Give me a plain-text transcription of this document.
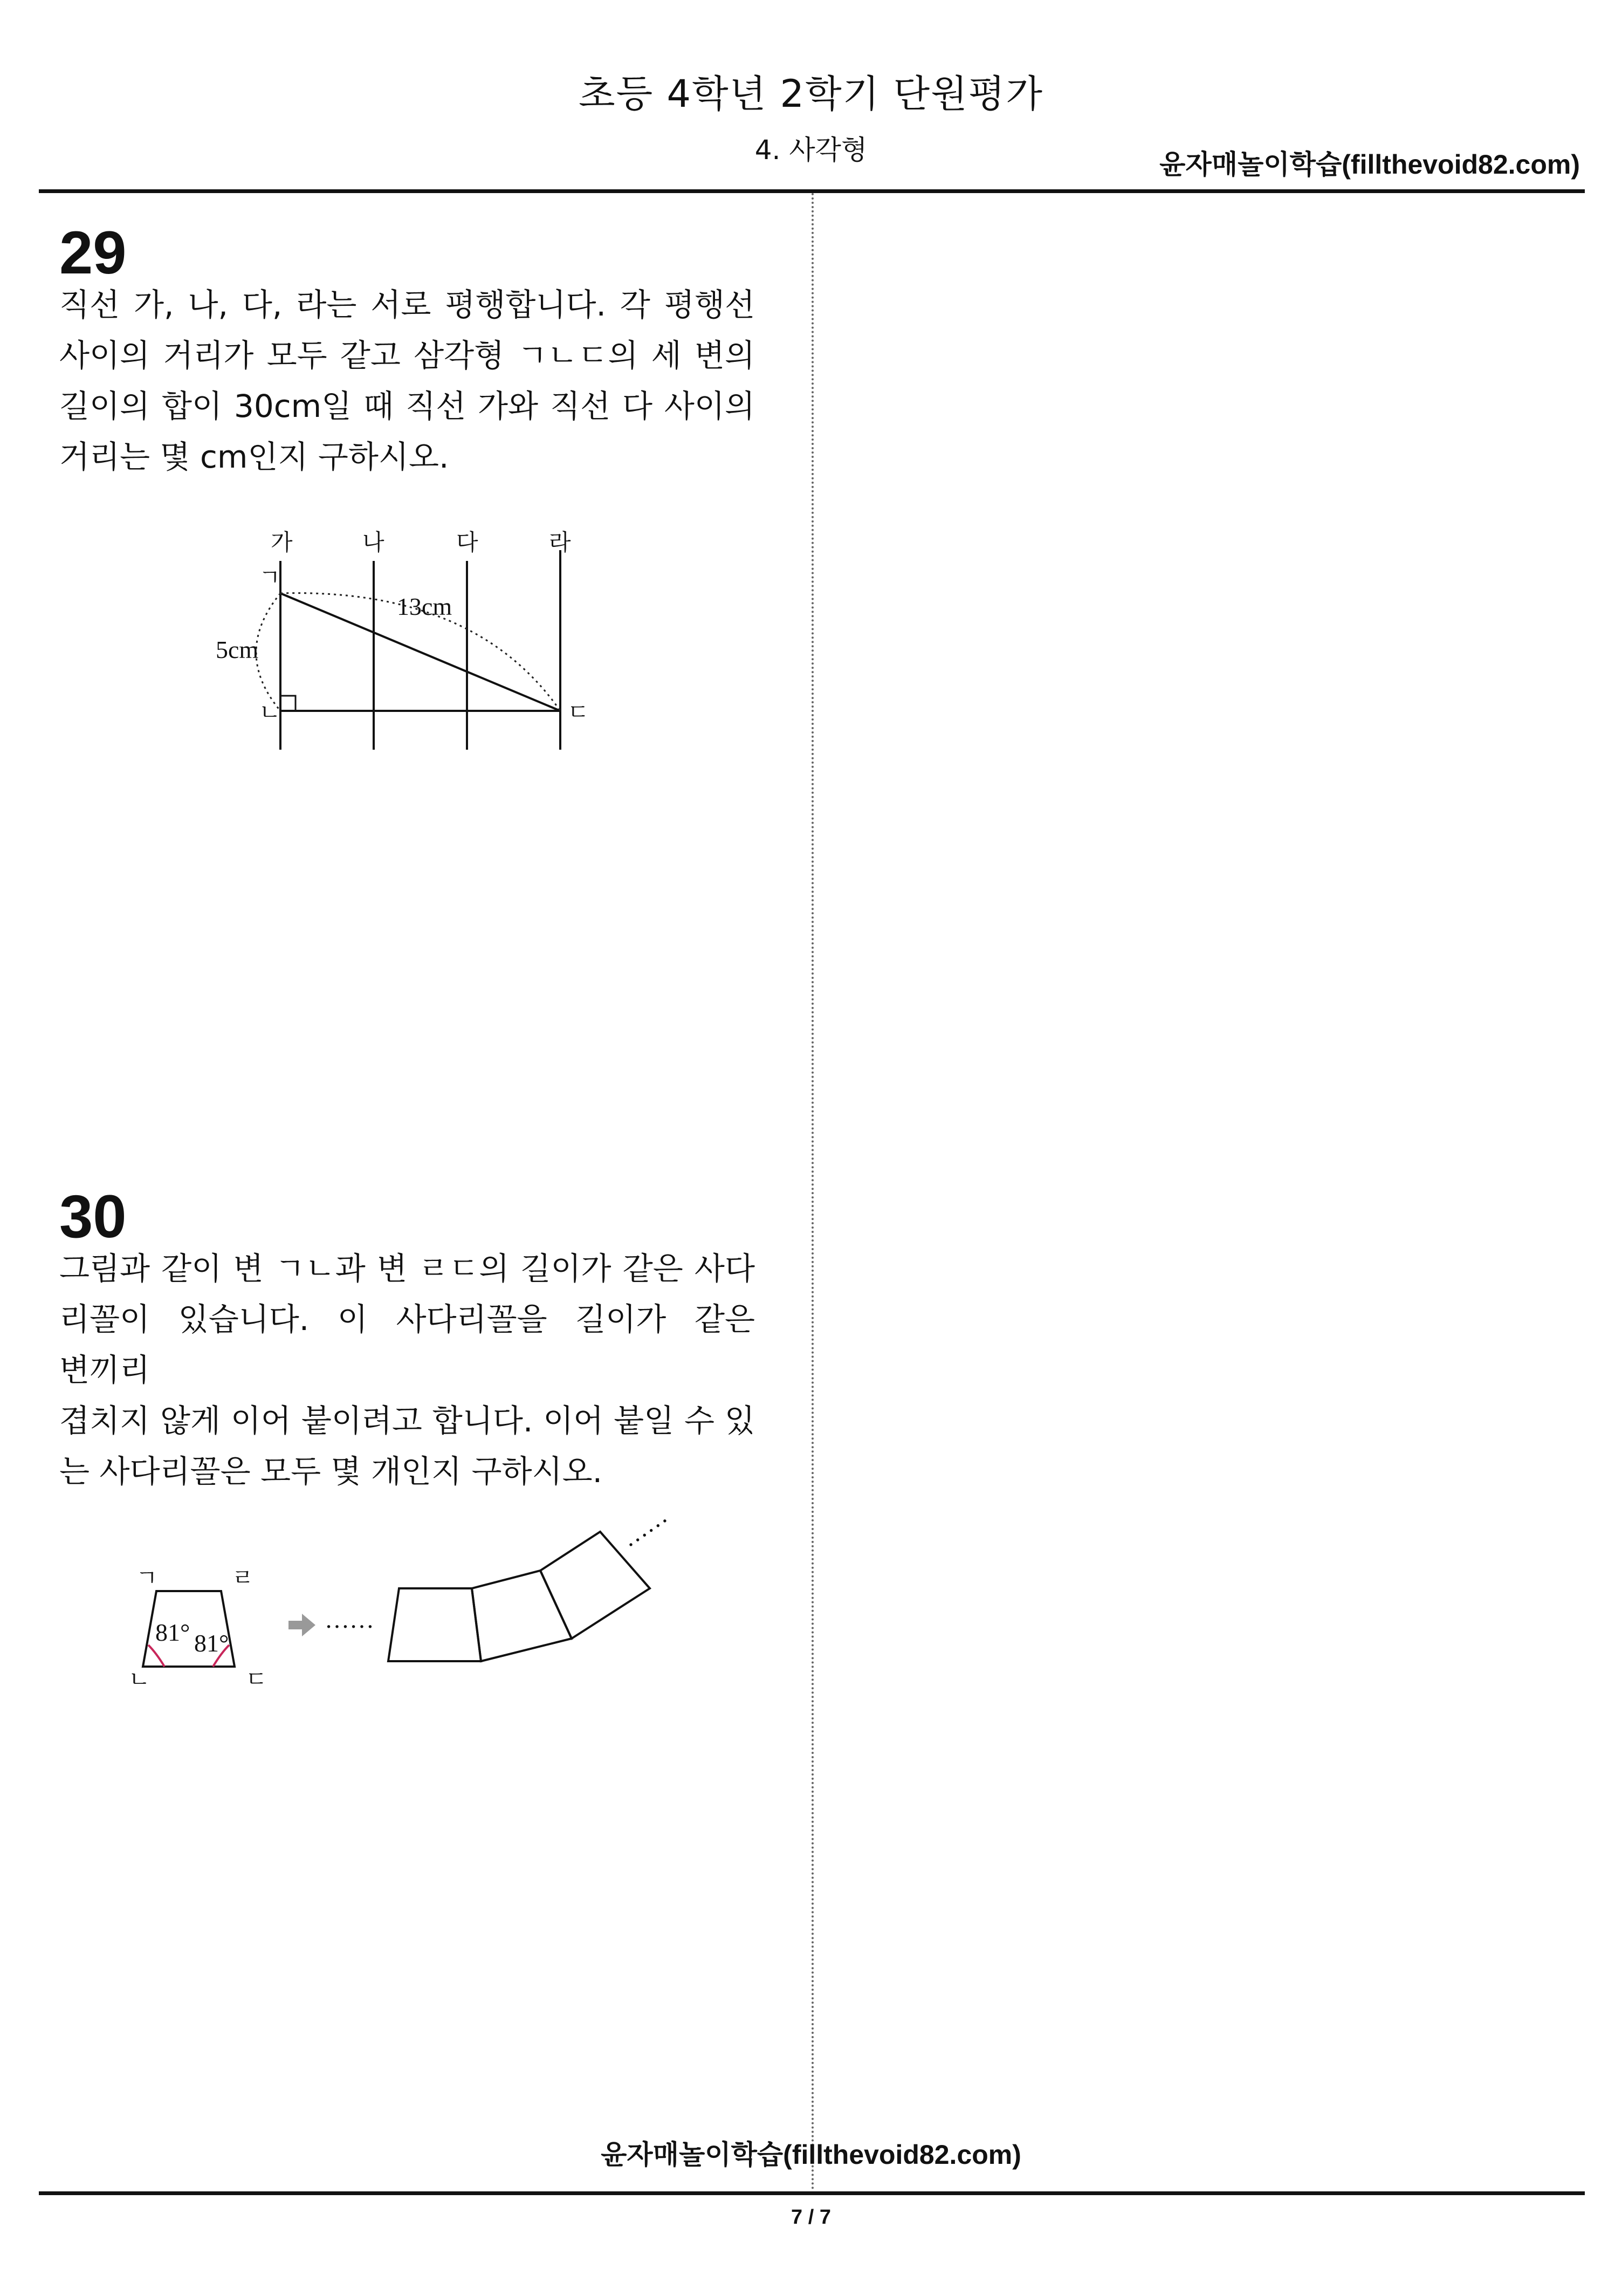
초등 4학년 2학기 단원평가
4. 사각형	윤자매놀이학습(fillthevoid82.com)
29
직선 가, 나, 다, 라는 서로 평행합니다. 각 평행선
사이의 거리가 모두 같고 삼각형 ㄱㄴㄷ의 세 변의
길이의 합이 30cm일 때 직선 가와 직선 다 사이의
거리는 몇 cm인지 구하시오.
가	나	다	라
ㄱ
ㄴ	ㄷ
13cm
5cm
30
그림과 같이 변 ㄱㄴ과 변 ㄹㄷ의 길이가 같은 사다
리꼴이 있습니다. 이 사다리꼴을 길이가 같은 변끼리
겹치지 않게 이어 붙이려고 합니다. 이어 붙일 수 있
는 사다리꼴은 모두 몇 개인지 구하시오.
ㄱ	ㄹ
ㄴ	ㄷ
81° 81°
……
……
윤자매놀이학습(fillthevoid82.com)
7 / 7
